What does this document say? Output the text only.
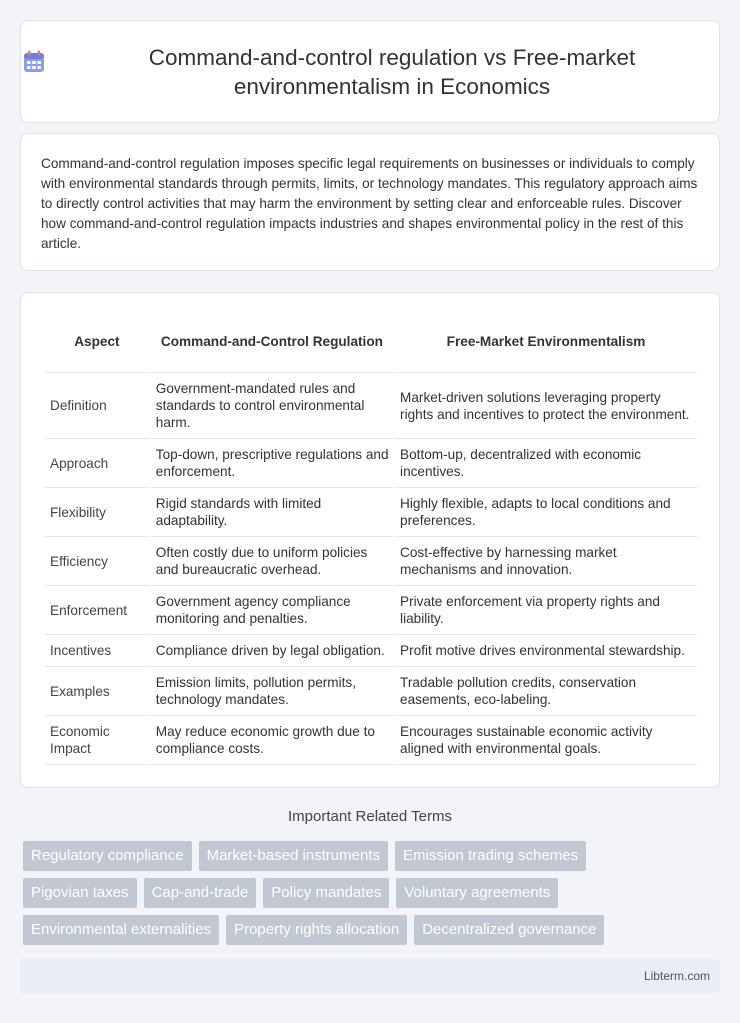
Command-and-control regulation vs Free-market environmentalism in Economics

Command-and-control regulation imposes specific legal requirements on businesses or individuals to comply with environmental standards through permits, limits, or technology mandates. This regulatory approach aims to directly control activities that may harm the environment by setting clear and enforceable rules. Discover how command-and-control regulation impacts industries and shapes environmental policy in the rest of this article.

Aspect	Command-and-Control Regulation	Free-Market Environmentalism
Definition	Government-mandated rules and standards to control environmental harm.	Market-driven solutions leveraging property rights and incentives to protect the environment.
Approach	Top-down, prescriptive regulations and enforcement.	Bottom-up, decentralized with economic incentives.
Flexibility	Rigid standards with limited adaptability.	Highly flexible, adapts to local conditions and preferences.
Efficiency	Often costly due to uniform policies and bureaucratic overhead.	Cost-effective by harnessing market mechanisms and innovation.
Enforcement	Government agency compliance monitoring and penalties.	Private enforcement via property rights and liability.
Incentives	Compliance driven by legal obligation.	Profit motive drives environmental stewardship.
Examples	Emission limits, pollution permits, technology mandates.	Tradable pollution credits, conservation easements, eco-labeling.
Economic Impact	May reduce economic growth due to compliance costs.	Encourages sustainable economic activity aligned with environmental goals.
Important Related Terms
Regulatory compliance	Market-based instruments	Emission trading schemes
Pigovian taxes	Cap-and-trade	Policy mandates	Voluntary agreements
Environmental externalities	Property rights allocation	Decentralized governance
Libterm.com
